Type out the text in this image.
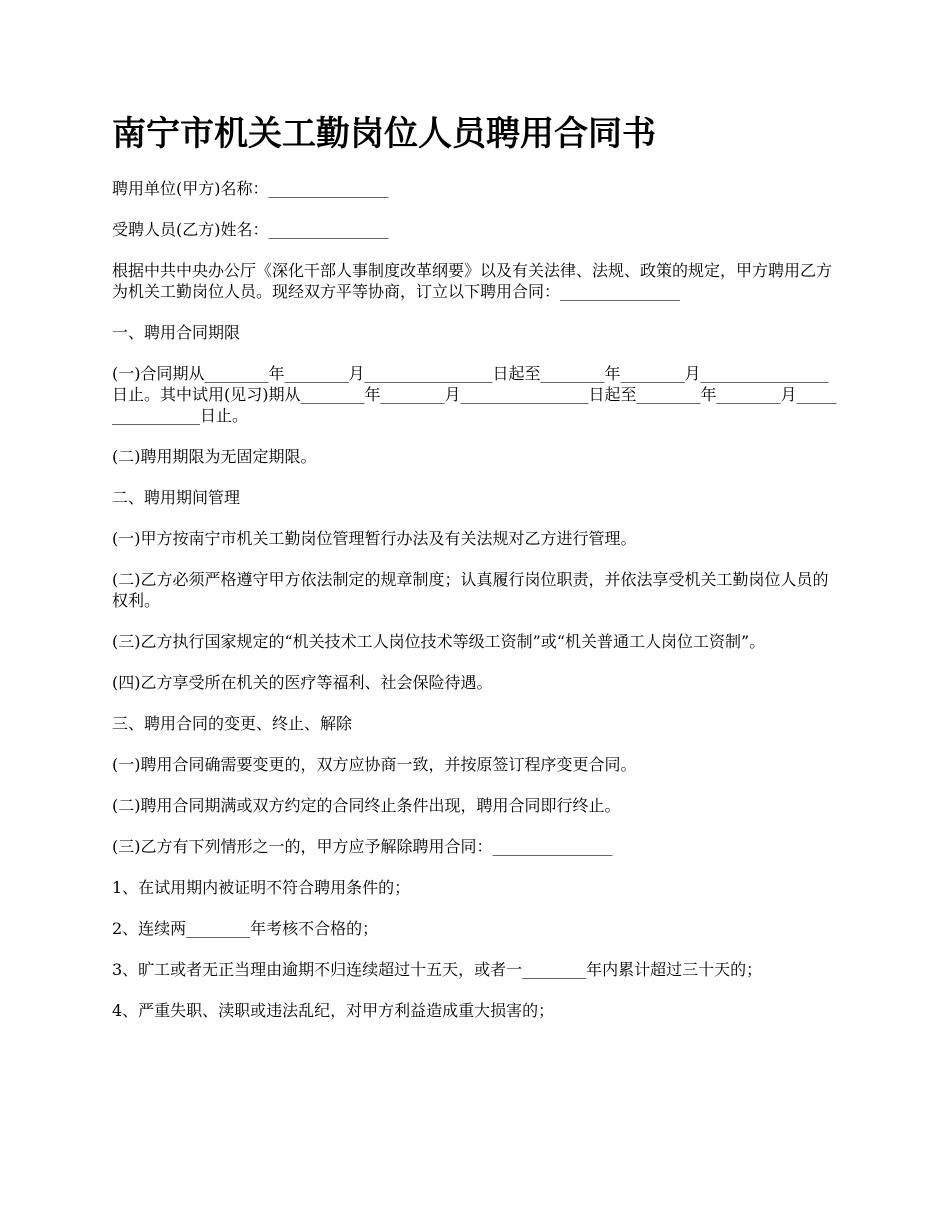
南宁市机关工勤岗位人员聘用合同书

聘用单位(甲方)名称：_______________

受聘人员(乙方)姓名：_______________

根据中共中央办公厅《深化干部人事制度改革纲要》以及有关法律、法规、政策的规定，甲方聘用乙方为机关工勤岗位人员。现经双方平等协商，订立以下聘用合同：_______________

一、聘用合同期限

(一)合同期从________年________月________________日起至________年________月________________日止。其中试用(见习)期从________年________月________________日起至________年________月________________日止。

(二)聘用期限为无固定期限。

二、聘用期间管理

(一)甲方按南宁市机关工勤岗位管理暂行办法及有关法规对乙方进行管理。

(二)乙方必须严格遵守甲方依法制定的规章制度；认真履行岗位职责，并依法享受机关工勤岗位人员的权利。

(三)乙方执行国家规定的“机关技术工人岗位技术等级工资制”或“机关普通工人岗位工资制”。

(四)乙方享受所在机关的医疗等福利、社会保险待遇。

三、聘用合同的变更、终止、解除

(一)聘用合同确需要变更的，双方应协商一致，并按原签订程序变更合同。

(二)聘用合同期满或双方约定的合同终止条件出现，聘用合同即行终止。

(三)乙方有下列情形之一的，甲方应予解除聘用合同：_______________

1、在试用期内被证明不符合聘用条件的；

2、连续两________年考核不合格的；

3、旷工或者无正当理由逾期不归连续超过十五天，或者一________年内累计超过三十天的；

4、严重失职、渎职或违法乱纪，对甲方利益造成重大损害的；
